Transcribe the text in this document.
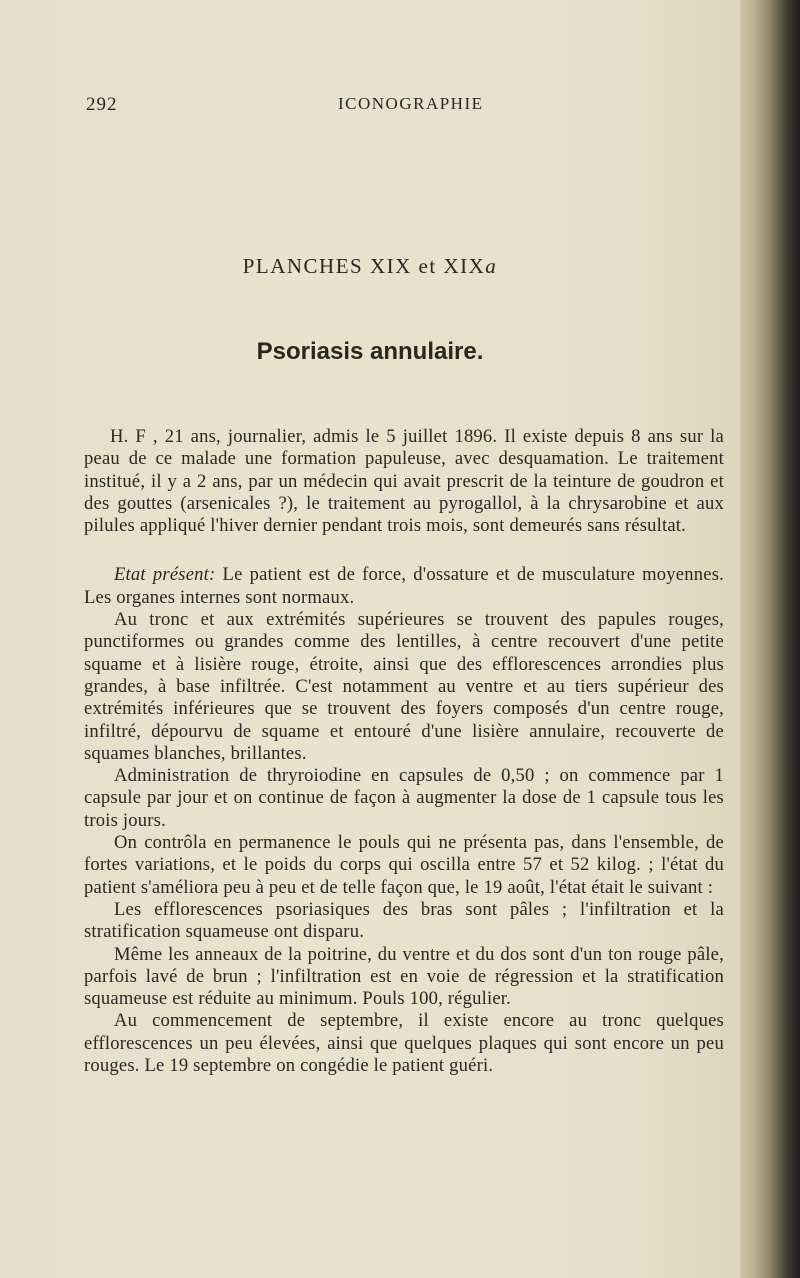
292	ICONOGRAPHIE
PLANCHES XIX et XIXa
Psoriasis annulaire.

H. F , 21 ans, journalier, admis le 5 juillet 1896. Il existe depuis 8 ans sur la peau de ce malade une formation papuleuse, avec desquamation. Le traitement institué, il y a 2 ans, par un médecin qui avait prescrit de la teinture de goudron et des gouttes (arsenicales ?), le traitement au pyrogallol, à la chrysarobine et aux pilules appliqué l'hiver dernier pendant trois mois, sont demeurés sans résultat.

Etat présent: Le patient est de force, d'ossature et de musculature moyennes. Les organes internes sont normaux.

Au tronc et aux extrémités supérieures se trouvent des papules rouges, punctiformes ou grandes comme des lentilles, à centre recouvert d'une petite squame et à lisière rouge, étroite, ainsi que des efflorescences arrondies plus grandes, à base infiltrée. C'est notamment au ventre et au tiers supérieur des extrémités inférieures que se trouvent des foyers composés d'un centre rouge, infiltré, dépourvu de squame et entouré d'une lisière annulaire, recouverte de squames blanches, brillantes.

Administration de thryroiodine en capsules de 0,50 ; on commence par 1 capsule par jour et on continue de façon à augmenter la dose de 1 capsule tous les trois jours.

On contrôla en permanence le pouls qui ne présenta pas, dans l'ensemble, de fortes variations, et le poids du corps qui oscilla entre 57 et 52 kilog. ; l'état du patient s'améliora peu à peu et de telle façon que, le 19 août, l'état était le suivant :

Les efflorescences psoriasiques des bras sont pâles ; l'infiltration et la stratification squameuse ont disparu.

Même les anneaux de la poitrine, du ventre et du dos sont d'un ton rouge pâle, parfois lavé de brun ; l'infiltration est en voie de régression et la stratification squameuse est réduite au minimum. Pouls 100, régulier.

Au commencement de septembre, il existe encore au tronc quelques efflorescences un peu élevées, ainsi que quelques plaques qui sont encore un peu rouges. Le 19 septembre on congédie le patient guéri.
